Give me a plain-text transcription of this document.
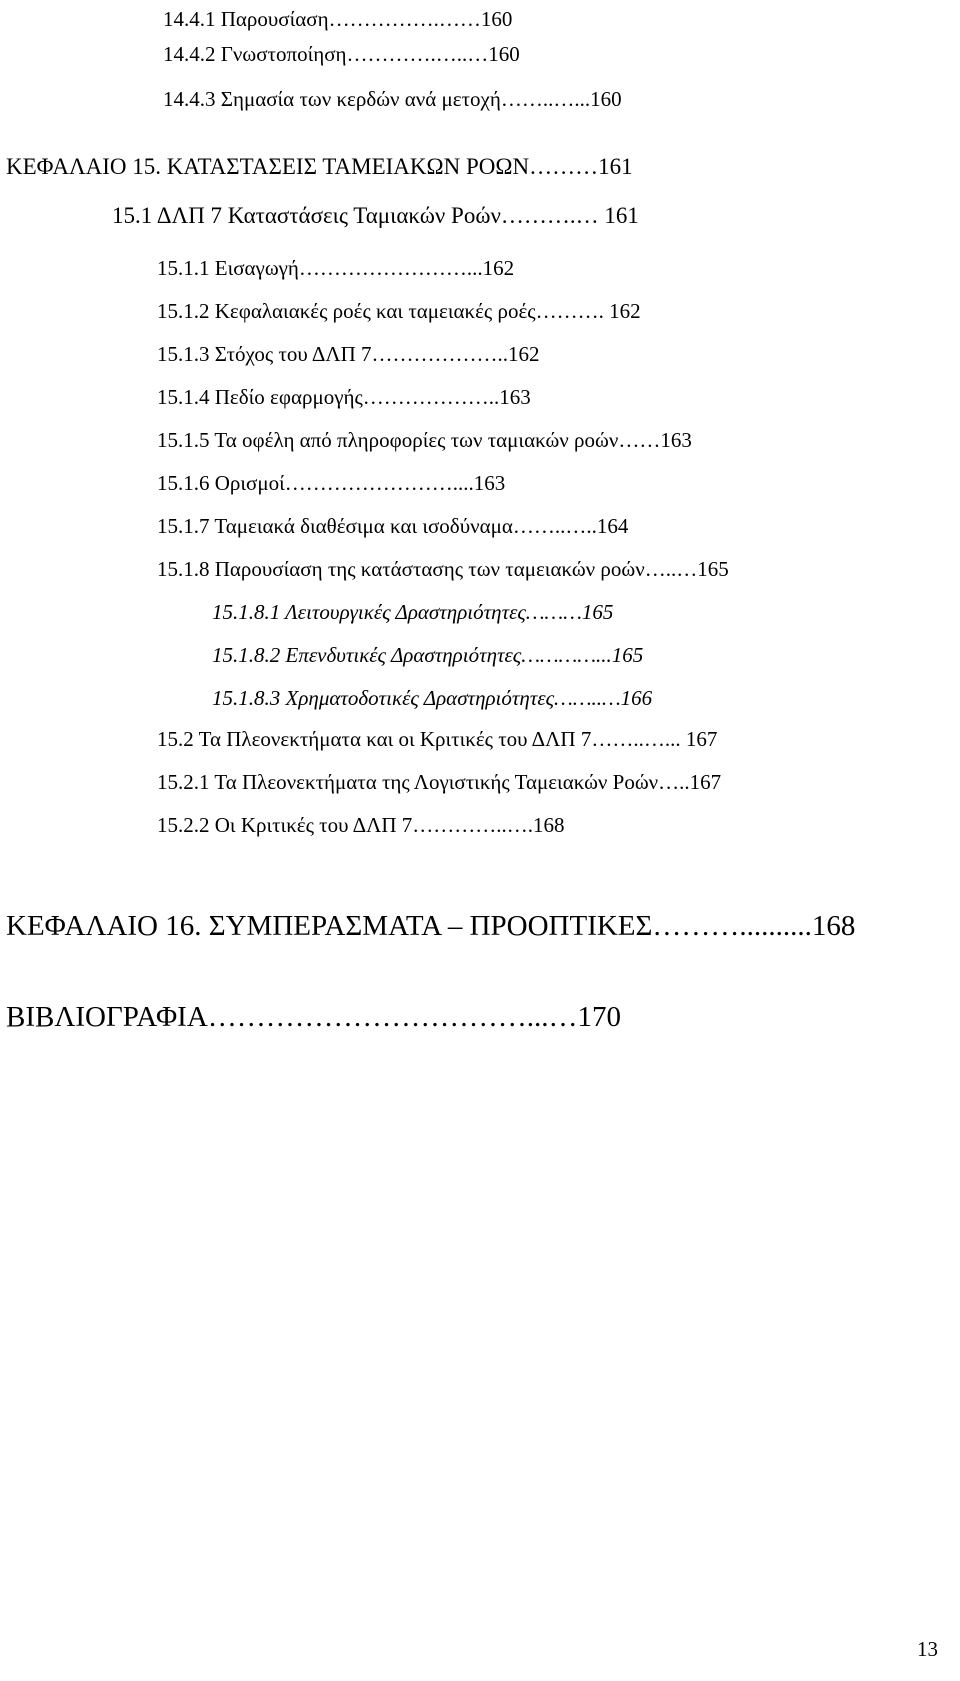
14.4.1 Παρουσίαση…………….……160
14.4.2 Γνωστοποίηση………….…..…160
14.4.3 Σημασία των κερδών ανά μετοχή……..…...160
ΚΕΦΑΛΑΙΟ 15. ΚΑΤΑΣΤΑΣΕΙΣ ΤΑΜΕΙΑΚΩΝ ΡΟΩΝ………161
15.1 ΔΛΠ 7 Καταστάσεις Ταμιακών Ροών……….… 161
15.1.1 Εισαγωγή……………………...162
15.1.2 Κεφαλαιακές ροές και ταμειακές ροές………. 162
15.1.3 Στόχος του ΔΛΠ 7………………..162
15.1.4 Πεδίο εφαρμογής………………..163
15.1.5 Τα οφέλη από πληροφορίες των ταμιακών ροών……163
15.1.6 Ορισμοί……………………....163
15.1.7 Ταμειακά διαθέσιμα και ισοδύναμα……..…..164
15.1.8 Παρουσίαση της κατάστασης των ταμειακών ροών…..…165
15.1.8.1 Λειτουργικές Δραστηριότητες………165
15.1.8.2 Επενδυτικές Δραστηριότητες…………...165
15.1.8.3 Χρηματοδοτικές Δραστηριότητες……..…166
15.2 Τα Πλεονεκτήματα και οι Κριτικές του ΔΛΠ 7……..…... 167
15.2.1 Τα Πλεονεκτήματα της Λογιστικής Ταμειακών Ροών…..167
15.2.2 Οι Κριτικές του ΔΛΠ 7…………..….168
ΚΕΦΑΛΑΙΟ 16. ΣΥΜΠΕΡΑΣΜΑΤΑ – ΠΡΟΟΠΤΙΚΕΣ………..........168
ΒΙΒΛΙΟΓΡΑΦΙΑ……………………………...…170
13
